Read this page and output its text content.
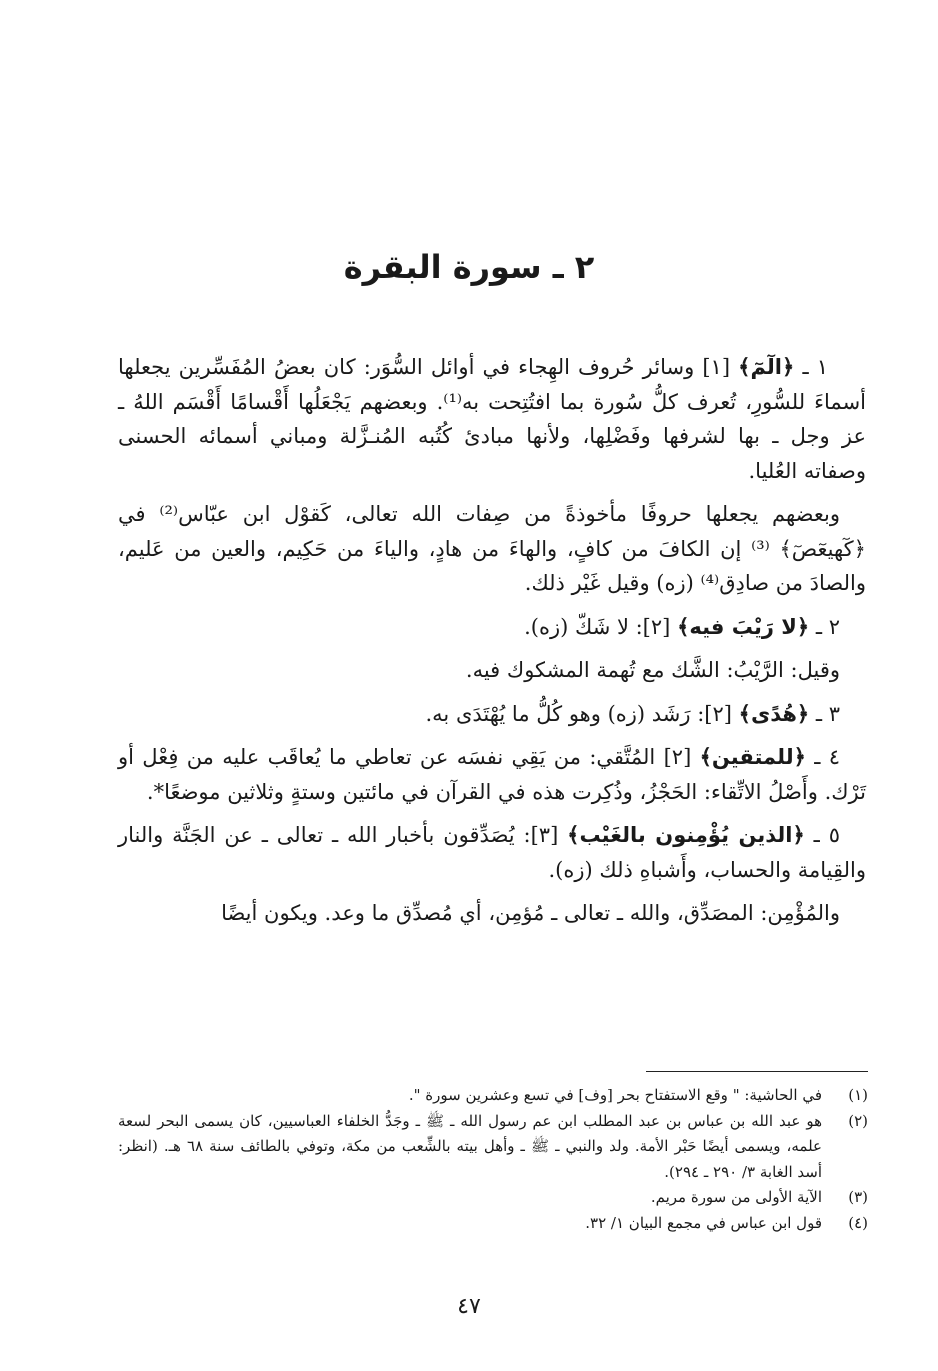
٢ ـ سورة البقرة

١ ـ ﴿الٓمٓ﴾ [١] وسائر حُروف الهِجاء في أوائل السُّوَر: كان بعضُ المُفَسِّرين يجعلها أسماءَ للسُّورِ، تُعرف كلُّ سُورة بما افتُتِحت به⁽¹⁾. وبعضهم يَجْعَلُها أَقْسامًا أَقْسَم اللهُ ـ عز وجل ـ بها لشرفها وفَضْلِها، ولأنها مبادئ كُتُبه المُنـزَّلة ومباني أسمائه الحسنى وصفاته العُليا.

وبعضهم يجعلها حروفًا مأخوذةً من صِفات الله تعالى، كَقوْل ابن عبّاس⁽²⁾ في ﴿كٓهيعٓصٓ﴾ ⁽³⁾ إن الكافَ من كافٍ، والهاءَ من هادٍ، والياءَ من حَكِيم، والعين من عَليم، والصادَ من صادِق⁽⁴⁾ (زه) وقيل غَيْر ذلك.

٢ ـ ﴿لا رَيْبَ فيه﴾ [٢]: لا شَكّ (زه).

وقيل: الرَّيْبُ: الشَّك مع تُهمة المشكوك فيه.

٣ ـ ﴿هُدًى﴾ [٢]: رَشَد (زه) وهو كُلُّ ما يُهْتَدَى به.

٤ ـ ﴿للمتقين﴾ [٢] المُتَّقي: من يَقِي نفسَه عن تعاطي ما يُعاقَب عليه من فِعْل أو تَرْك. وأَصْلُ الاتِّقاء: الحَجْزُ، وذُكِرت هذه في القرآن في مائتين وستةٍ وثلاثين موضعًا*.

٥ ـ ﴿الذين يُؤْمِنون بالغَيْب﴾ [٣]: يُصَدِّقون بأخبار الله ـ تعالى ـ عن الجَنَّة والنار والقِيامة والحساب، وأَشباهِ ذلك (زه).

والمُؤْمِن: المصَدِّق، والله ـ تعالى ـ مُؤمِن، أي مُصدِّق ما وعد. ويكون أيضًا

(١)
في الحاشية: " وقع الاستفتاح بحر [وف] في تسع وعشرين سورة ".
(٢)
هو عبد الله بن عباس بن عبد المطلب ابن عم رسول الله ـ ﷺ ـ وجَدُّ الخلفاء العباسيين، كان يسمى البحر لسعة علمه، ويسمى أيضًا حَبْر الأمة. ولد والنبي ـ ﷺ ـ وأهل بيته بالشِّعب من مكة، وتوفي بالطائف سنة ٦٨ هـ. (انظر: أسد الغابة ٣/ ٢٩٠ ـ ٢٩٤).
(٣)
الآية الأولى من سورة مريم.
(٤)
قول ابن عباس في مجمع البيان ١/ ٣٢.
٤٧
